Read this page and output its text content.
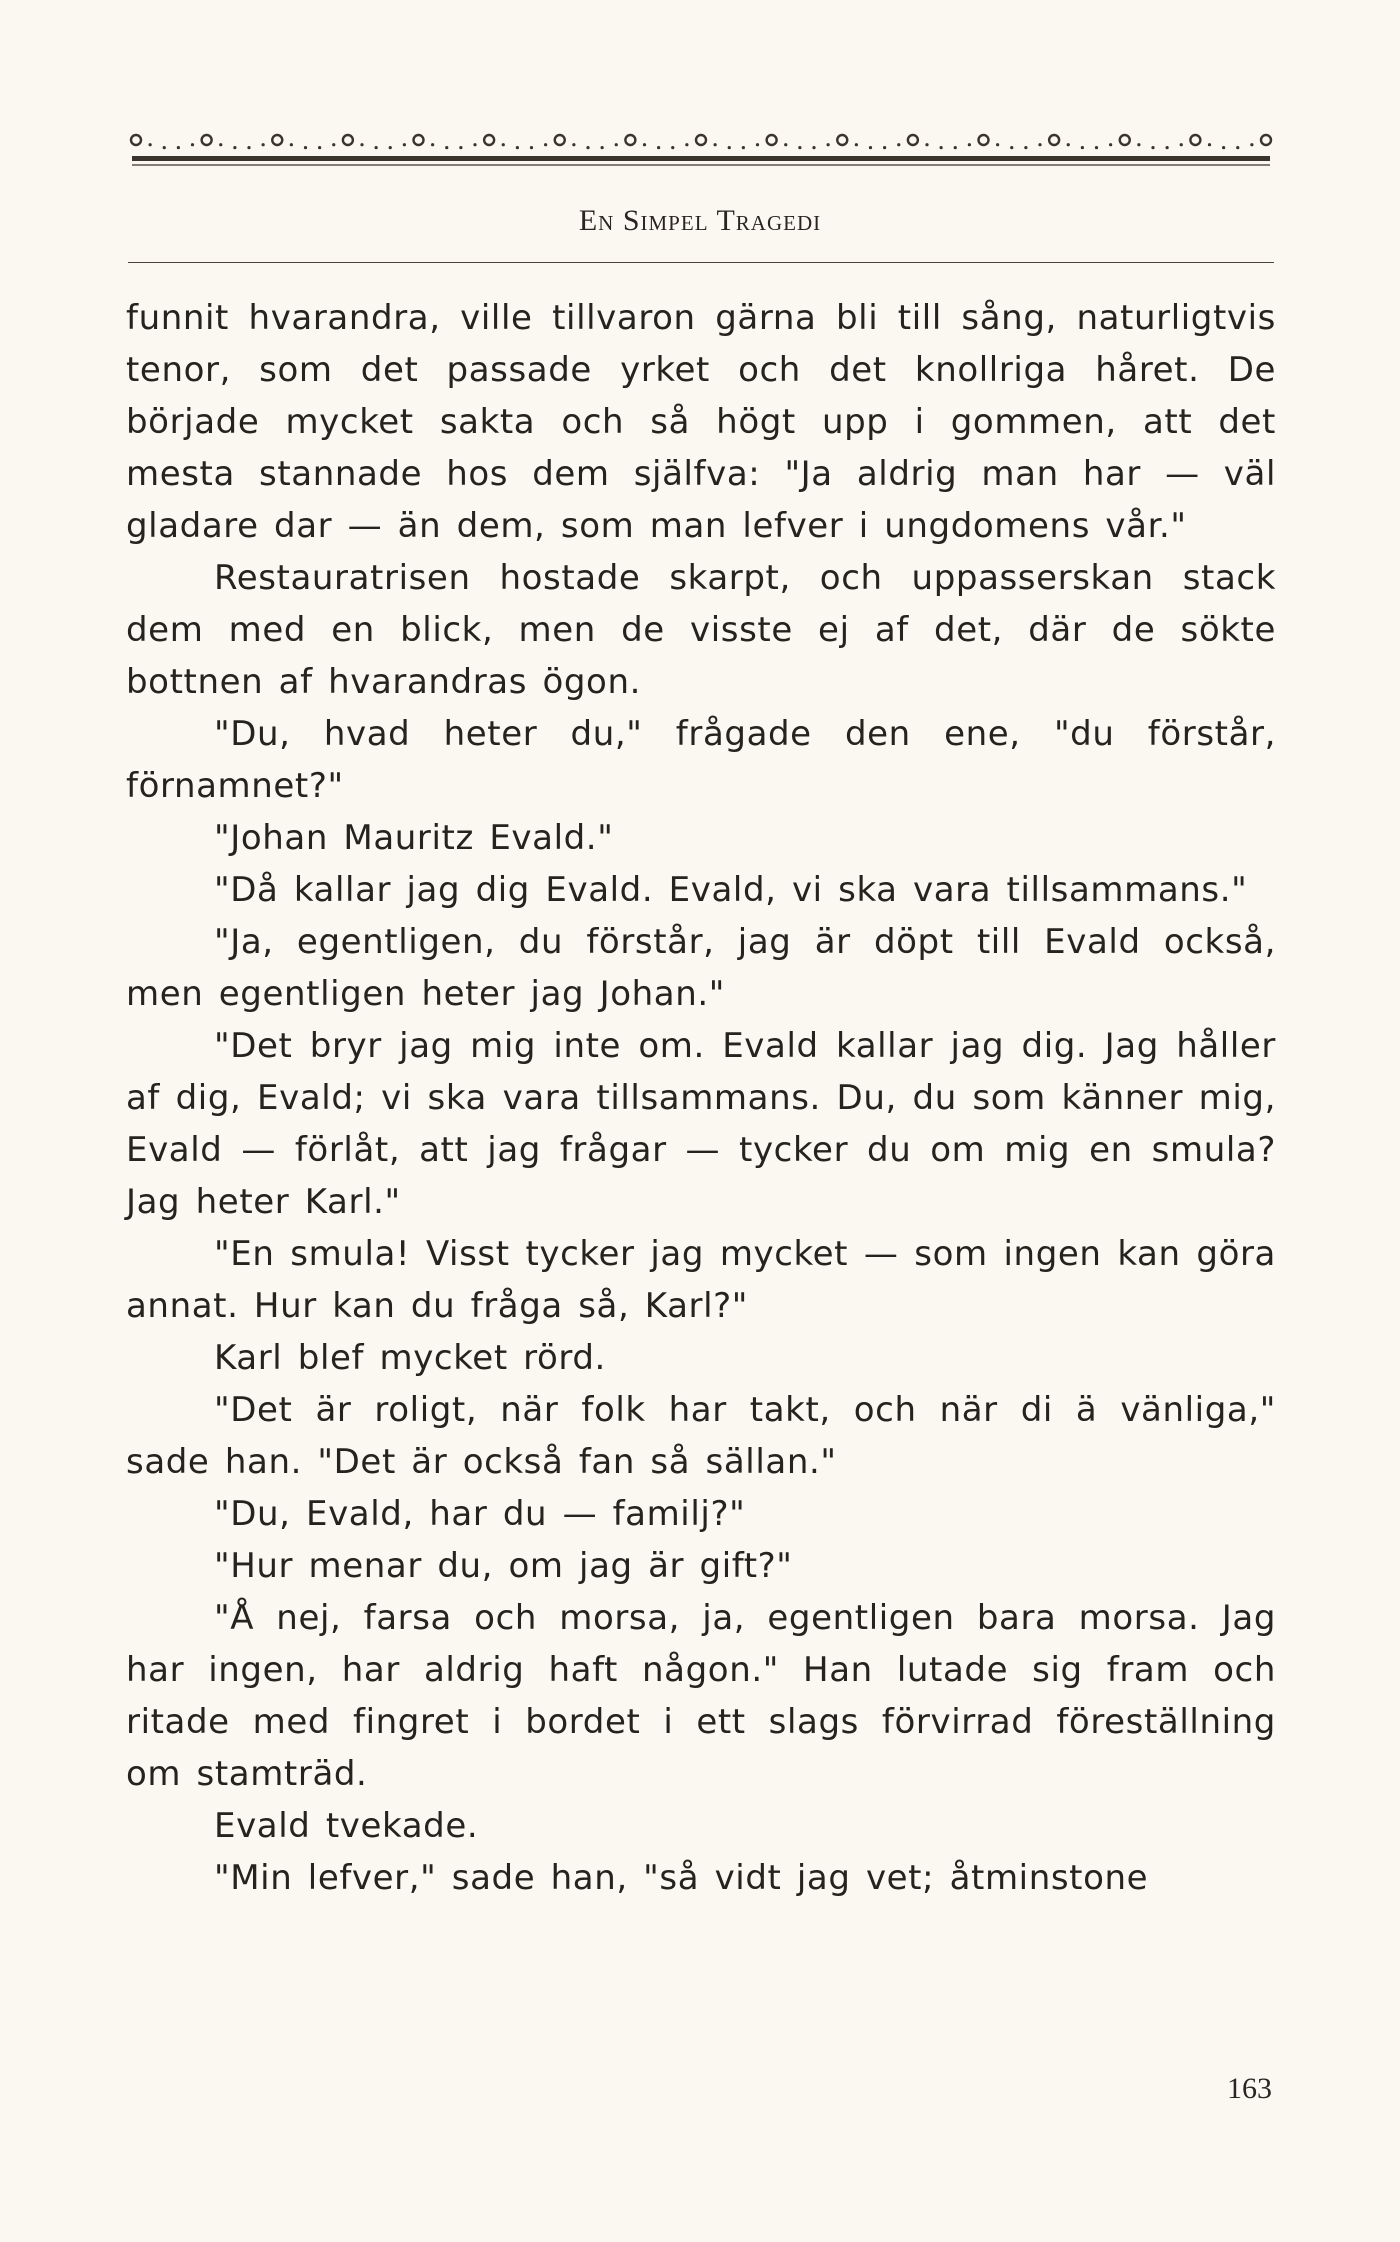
En Simpel Tragedi

funnit hvarandra, ville tillvaron gärna bli till sång, naturligtvis tenor, som det passade yrket och det knollriga håret. De började mycket sakta och så högt upp i gommen, att det mesta stannade hos dem själfva: "Ja aldrig man har — väl gladare dar — än dem, som man lefver i ungdomens vår."

Restauratrisen hostade skarpt, och uppasserskan stack dem med en blick, men de visste ej af det, där de sökte bottnen af hvarandras ögon.

"Du, hvad heter du," frågade den ene, "du förstår, förnamnet?"

"Johan Mauritz Evald."

"Då kallar jag dig Evald. Evald, vi ska vara tillsammans."

"Ja, egentligen, du förstår, jag är döpt till Evald också, men egentligen heter jag Johan."

"Det bryr jag mig inte om. Evald kallar jag dig. Jag håller af dig, Evald; vi ska vara tillsammans. Du, du som känner mig, Evald — förlåt, att jag frågar — tycker du om mig en smula? Jag heter Karl."

"En smula! Visst tycker jag mycket — som ingen kan göra annat. Hur kan du fråga så, Karl?"

Karl blef mycket rörd.

"Det är roligt, när folk har takt, och när di ä vänliga," sade han. "Det är också fan så sällan."

"Du, Evald, har du — familj?"

"Hur menar du, om jag är gift?"

"Å nej, farsa och morsa, ja, egentligen bara morsa. Jag har ingen, har aldrig haft någon." Han lutade sig fram och ritade med fingret i bordet i ett slags förvirrad föreställning om stamträd.

Evald tvekade.

"Min lefver," sade han, "så vidt jag vet; åtminstone

163
